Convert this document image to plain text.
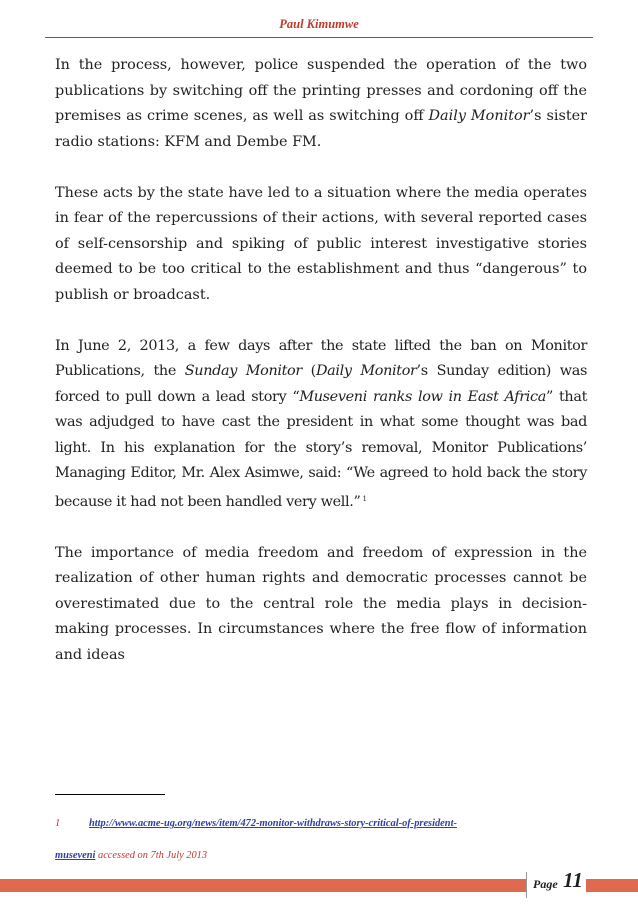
Paul Kimumwe

In the process, however, police suspended the operation of the two publications by switching off the printing presses and cordoning off the premises as crime scenes, as well as switching off Daily Monitor’s sister radio stations: KFM and Dembe FM.

These acts by the state have led to a situation where the media operates in fear of the repercussions of their actions, with several reported cases of self-censorship and spiking of public interest investigative stories deemed to be too critical to the establishment and thus “dangerous” to publish or broadcast.

In June 2, 2013, a few days after the state lifted the ban on Monitor Publications, the Sunday Monitor (Daily Monitor’s Sunday edition) was forced to pull down a lead story “Museveni ranks low in East Africa” that was adjudged to have cast the president in what some thought was bad light. In his explanation for the story’s removal, Monitor Publications’ Managing Editor, Mr. Alex Asimwe, said: “We agreed to hold back the story because it had not been handled very well.” $^1$

The importance of media freedom and freedom of expression in the realization of other human rights and democratic processes cannot be overestimated due to the central role the media plays in decision-making processes. In circumstances where the free flow of information and ideas

1	http://www.acme-ug.org/news/item/472-monitor-withdraws-story-critical-of-president-
museveni accessed on 7th July 2013
Page 11
